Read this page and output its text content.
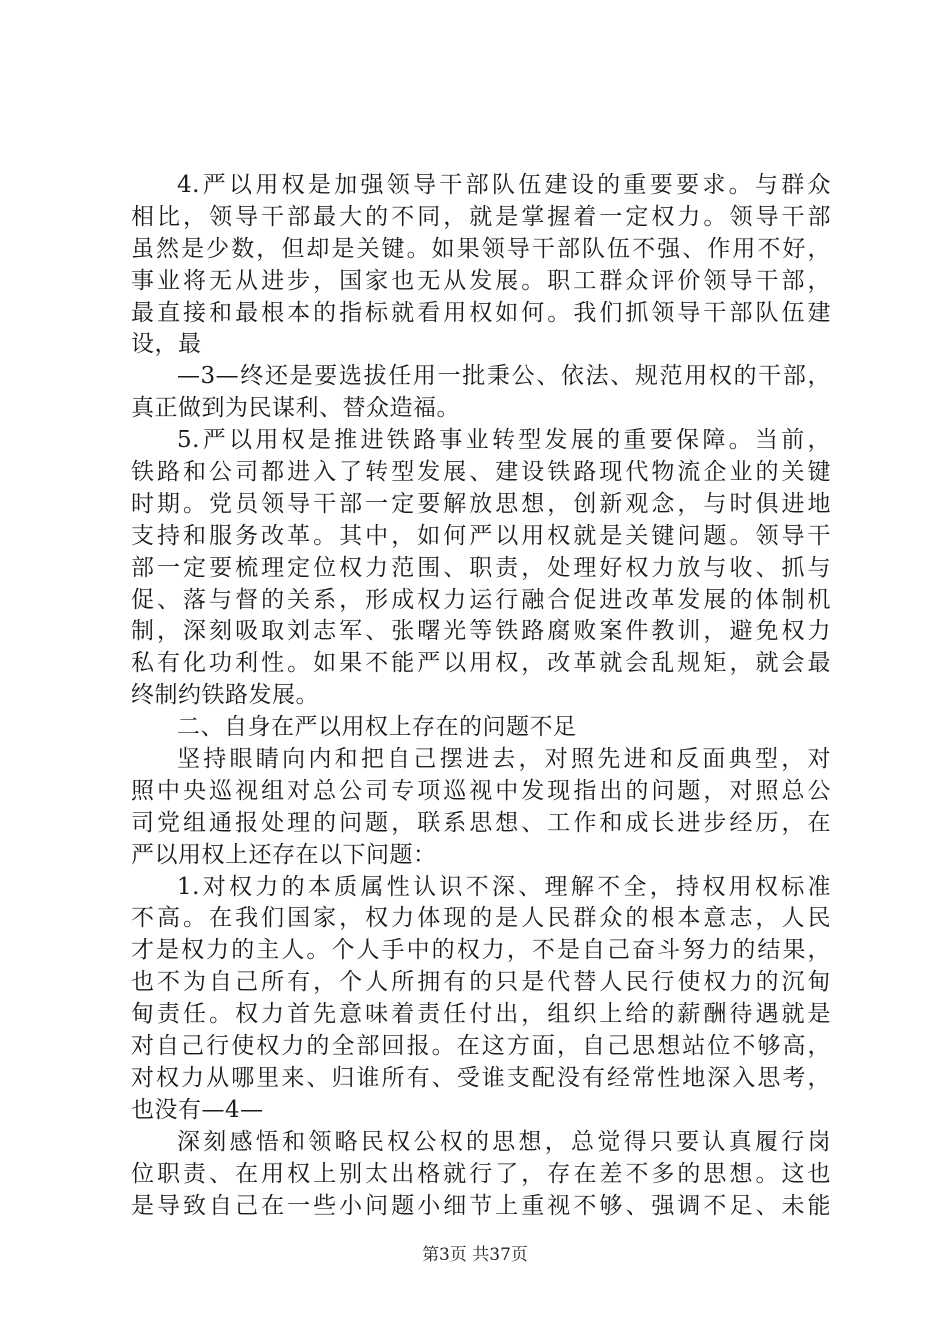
4.严以用权是加强领导干部队伍建设的重要要求。与群众
相比，领导干部最大的不同，就是掌握着一定权力。领导干部
虽然是少数，但却是关键。如果领导干部队伍不强、作用不好，
事业将无从进步，国家也无从发展。职工群众评价领导干部，
最直接和最根本的指标就看用权如何。我们抓领导干部队伍建
设，最
—3—终还是要选拔任用一批秉公、依法、规范用权的干部，
真正做到为民谋利、替众造福。
5.严以用权是推进铁路事业转型发展的重要保障。当前，
铁路和公司都进入了转型发展、建设铁路现代物流企业的关键
时期。党员领导干部一定要解放思想，创新观念，与时俱进地
支持和服务改革。其中，如何严以用权就是关键问题。领导干
部一定要梳理定位权力范围、职责，处理好权力放与收、抓与
促、落与督的关系，形成权力运行融合促进改革发展的体制机
制，深刻吸取刘志军、张曙光等铁路腐败案件教训，避免权力
私有化功利性。如果不能严以用权，改革就会乱规矩，就会最
终制约铁路发展。
二、自身在严以用权上存在的问题不足
坚持眼睛向内和把自己摆进去，对照先进和反面典型，对
照中央巡视组对总公司专项巡视中发现指出的问题，对照总公
司党组通报处理的问题，联系思想、工作和成长进步经历，在
严以用权上还存在以下问题：
1.对权力的本质属性认识不深、理解不全，持权用权标准
不高。在我们国家，权力体现的是人民群众的根本意志，人民
才是权力的主人。个人手中的权力，不是自己奋斗努力的结果，
也不为自己所有，个人所拥有的只是代替人民行使权力的沉甸
甸责任。权力首先意味着责任付出，组织上给的薪酬待遇就是
对自己行使权力的全部回报。在这方面，自己思想站位不够高，
对权力从哪里来、归谁所有、受谁支配没有经常性地深入思考，
也没有—4—
深刻感悟和领略民权公权的思想，总觉得只要认真履行岗
位职责、在用权上别太出格就行了，存在差不多的思想。这也
是导致自己在一些小问题小细节上重视不够、强调不足、未能
第3页 共37页
